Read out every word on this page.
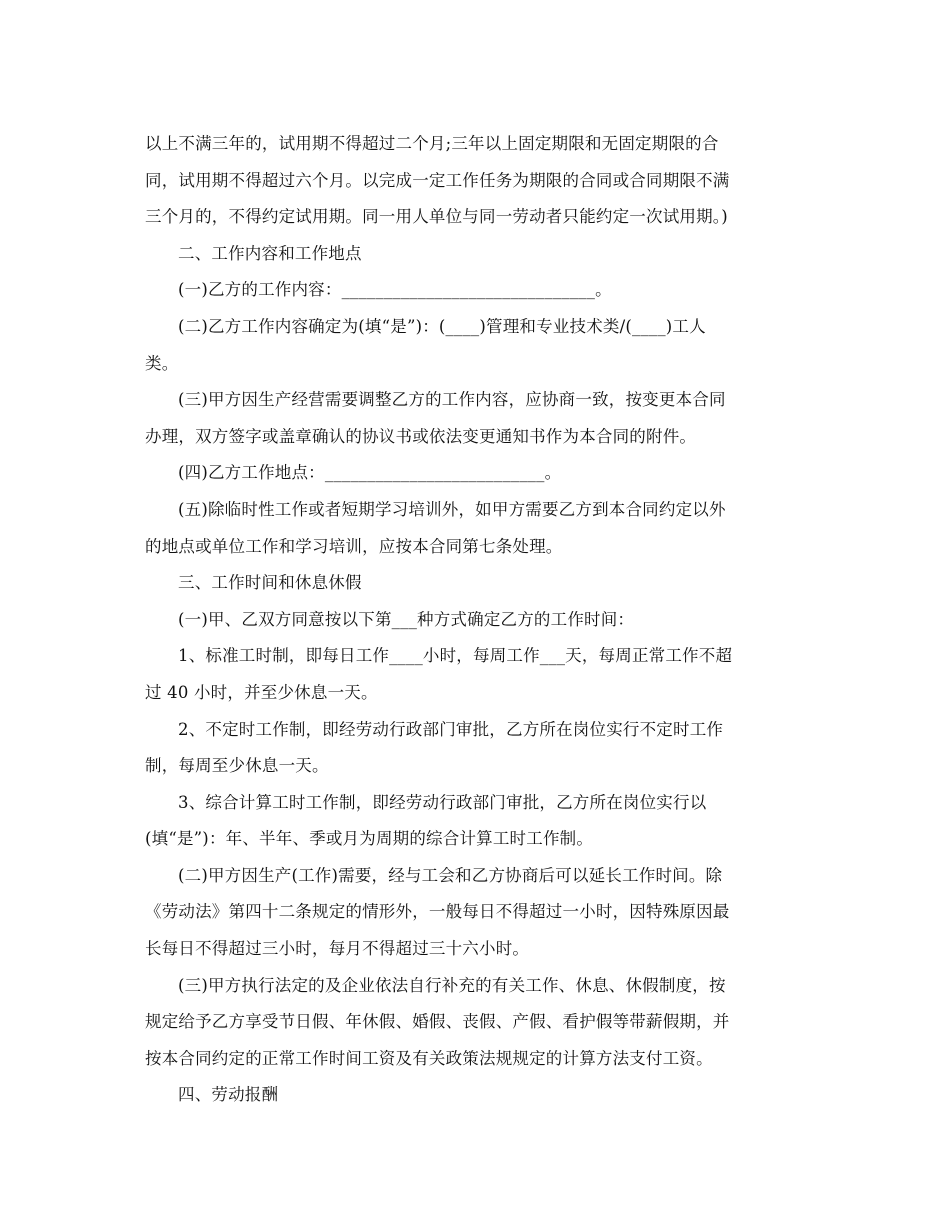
以上不满三年的，试用期不得超过二个月;三年以上固定期限和无固定期限的合
同，试用期不得超过六个月。以完成一定工作任务为期限的合同或合同期限不满
三个月的，不得约定试用期。同一用人单位与同一劳动者只能约定一次试用期。)
二、工作内容和工作地点
(一)乙方的工作内容：______________________________。
(二)乙方工作内容确定为(填“是”)：(____)管理和专业技术类/(____)工人
类。
(三)甲方因生产经营需要调整乙方的工作内容，应协商一致，按变更本合同
办理，双方签字或盖章确认的协议书或依法变更通知书作为本合同的附件。
(四)乙方工作地点：__________________________。
(五)除临时性工作或者短期学习培训外，如甲方需要乙方到本合同约定以外
的地点或单位工作和学习培训，应按本合同第七条处理。
三、工作时间和休息休假
(一)甲、乙双方同意按以下第___种方式确定乙方的工作时间：
1、标准工时制，即每日工作____小时，每周工作___天，每周正常工作不超
过 40 小时，并至少休息一天。
2、不定时工作制，即经劳动行政部门审批，乙方所在岗位实行不定时工作
制，每周至少休息一天。
3、综合计算工时工作制，即经劳动行政部门审批，乙方所在岗位实行以
(填“是”)：年、半年、季或月为周期的综合计算工时工作制。
(二)甲方因生产(工作)需要，经与工会和乙方协商后可以延长工作时间。除
《劳动法》第四十二条规定的情形外，一般每日不得超过一小时，因特殊原因最
长每日不得超过三小时，每月不得超过三十六小时。
(三)甲方执行法定的及企业依法自行补充的有关工作、休息、休假制度，按
规定给予乙方享受节日假、年休假、婚假、丧假、产假、看护假等带薪假期，并
按本合同约定的正常工作时间工资及有关政策法规规定的计算方法支付工资。
四、劳动报酬
